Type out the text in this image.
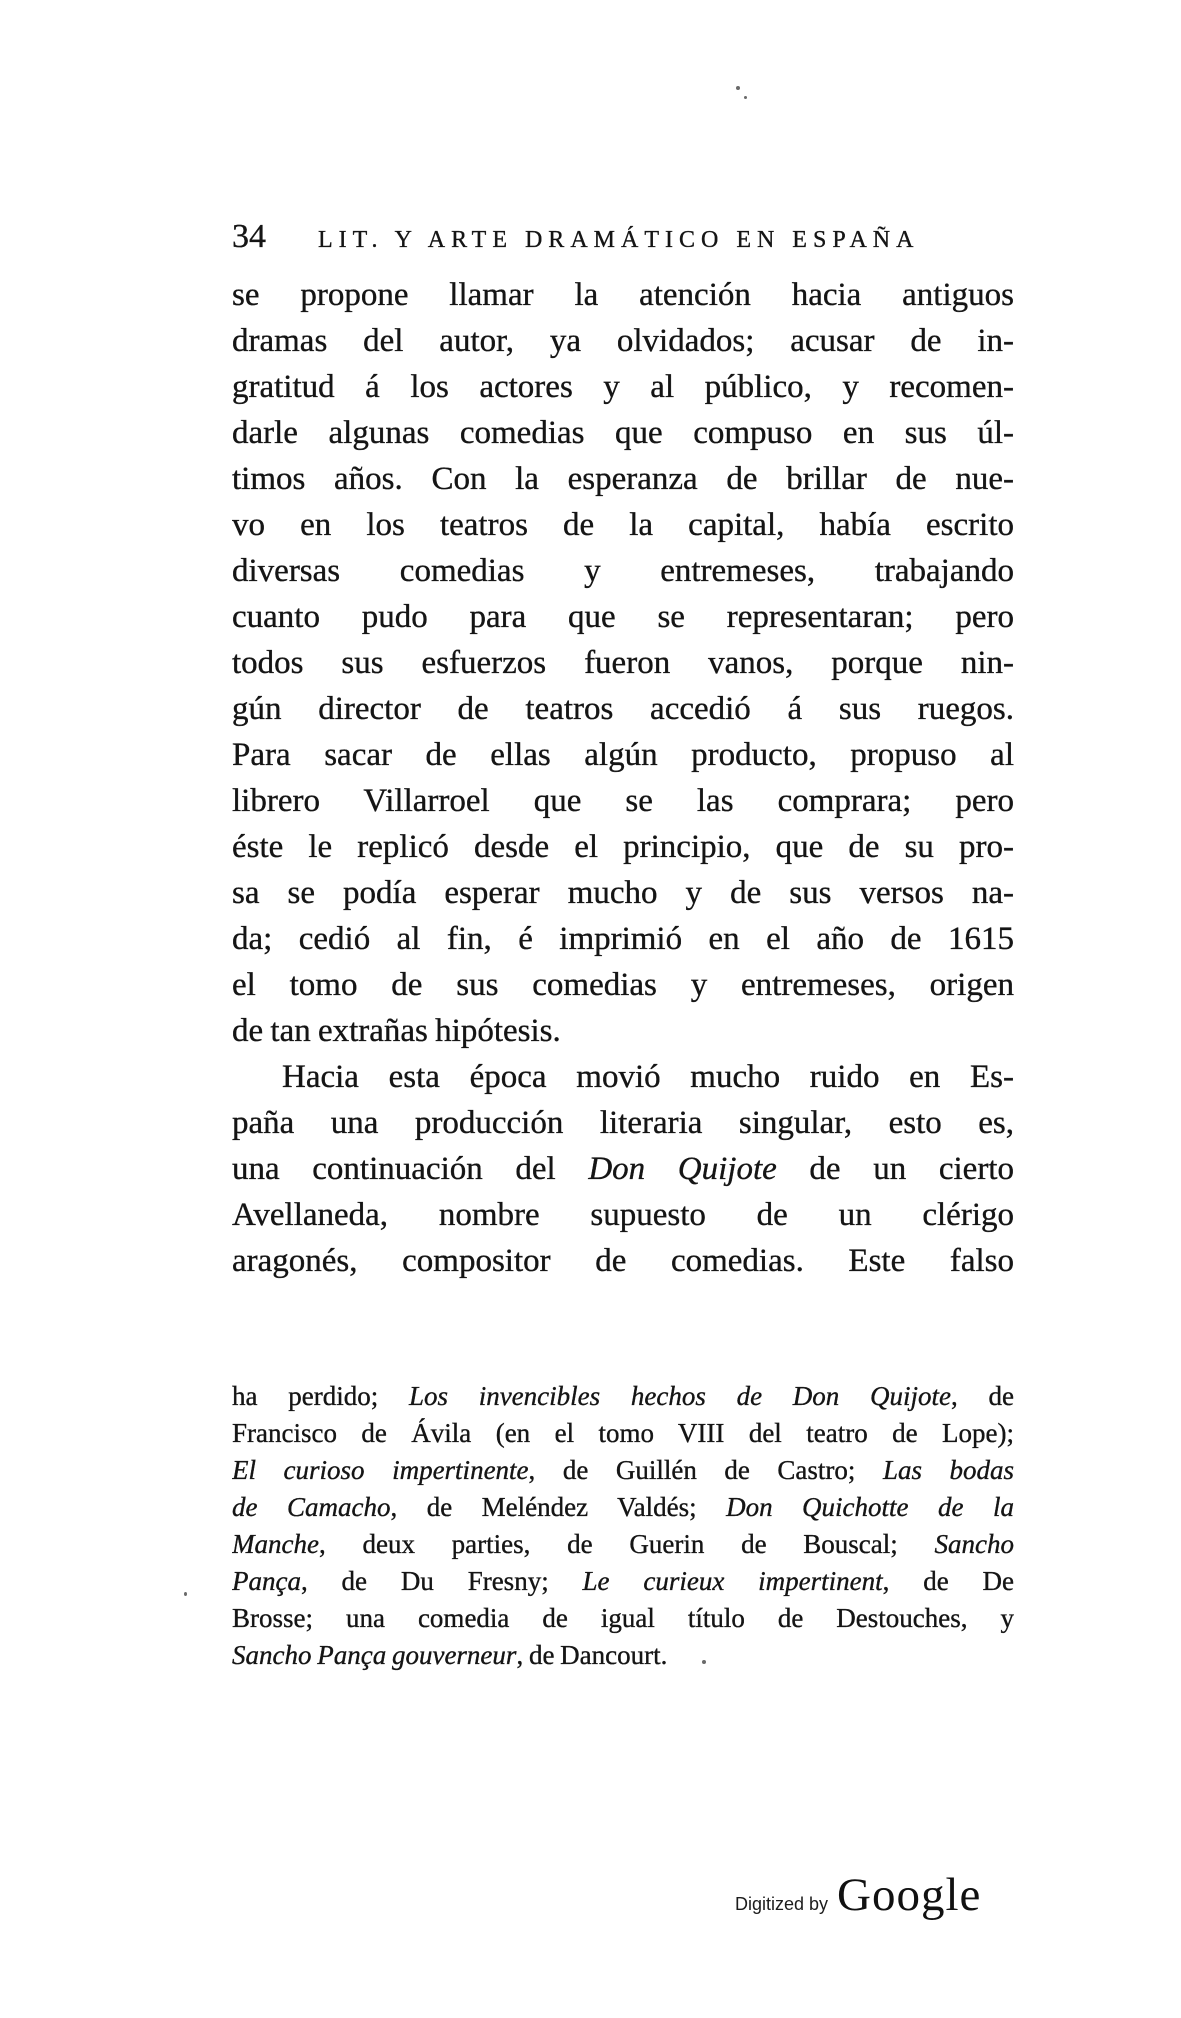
34 LIT. Y ARTE DRAMÁTICO EN ESPAÑA
se propone llamar la atención hacia antiguos
dramas del autor, ya olvidados; acusar de in-
gratitud á los actores y al público, y recomen-
darle algunas comedias que compuso en sus úl-
timos años. Con la esperanza de brillar de nue-
vo en los teatros de la capital, había escrito
diversas comedias y entremeses, trabajando
cuanto pudo para que se representaran; pero
todos sus esfuerzos fueron vanos, porque nin-
gún director de teatros accedió á sus ruegos.
Para sacar de ellas algún producto, propuso al
librero Villarroel que se las comprara; pero
éste le replicó desde el principio, que de su pro-
sa se podía esperar mucho y de sus versos na-
da; cedió al fin, é imprimió en el año de 1615
el tomo de sus comedias y entremeses, origen
de tan extrañas hipótesis.
Hacia esta época movió mucho ruido en Es-
paña una producción literaria singular, esto es,
una continuación del Don Quijote de un cierto
Avellaneda, nombre supuesto de un clérigo
aragonés, compositor de comedias. Este falso
ha perdido; Los invencibles hechos de Don Quijote, de
Francisco de Ávila (en el tomo VIII del teatro de Lope);
El curioso impertinente, de Guillén de Castro; Las bodas
de Camacho, de Meléndez Valdés; Don Quichotte de la
Manche, deux parties, de Guerin de Bouscal; Sancho
Pança, de Du Fresny; Le curieux impertinent, de De
Brosse; una comedia de igual título de Destouches, y
Sancho Pança gouverneur, de Dancourt.
Digitized by Google
